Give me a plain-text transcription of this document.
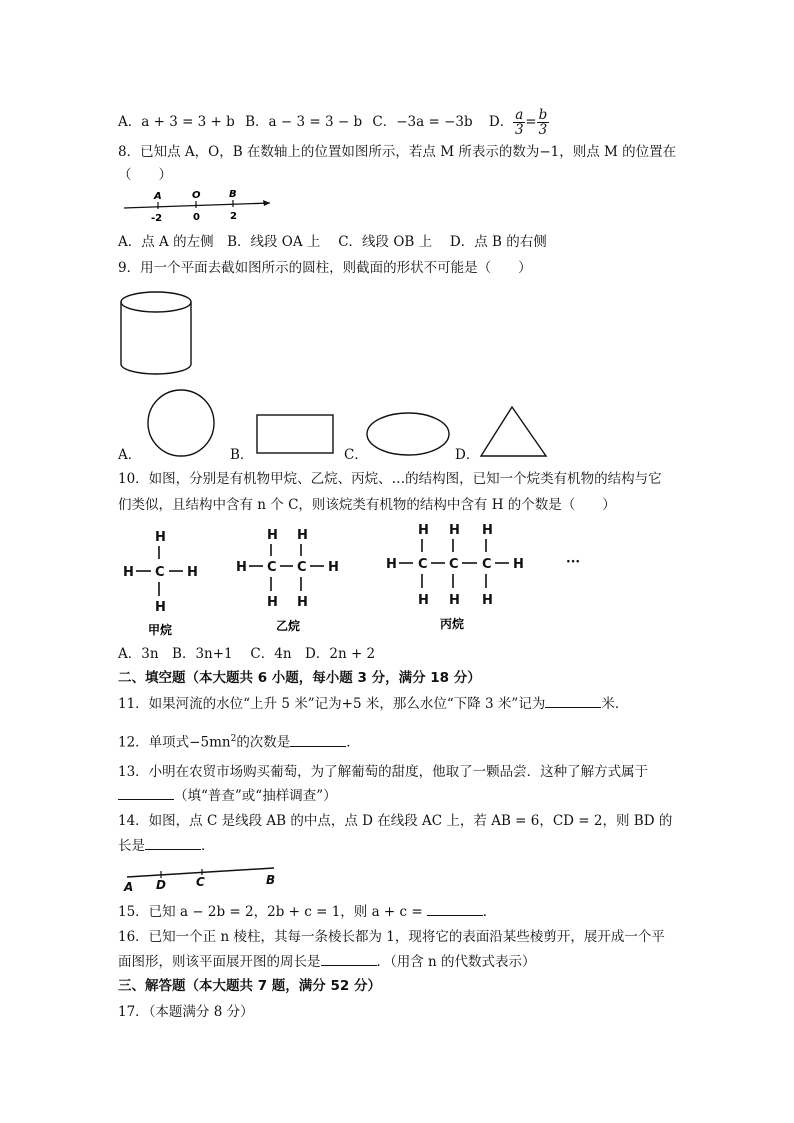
A．a + 3 = 3 + b B．a − 3 = 3 − b C．−3a = −3b D． $\frac{a}{3} = \frac{b}{3}$
8．已知点 A，O，B 在数轴上的位置如图所示，若点 M 所表示的数为−1，则点 M 的位置在
（　　）
A	O	B
-2	0	2
A．点 A 的左侧　B．线段 OA 上　 C．线段 OB 上　 D．点 B 的右侧
9．用一个平面去截如图所示的圆柱，则截面的形状不可能是（　　）
A．	B．	C．	D．
10．如图，分别是有机物甲烷、乙烷、丙烷、…的结构图，已知一个烷类有机物的结构与它
们类似，且结构中含有 n 个 C，则该烷类有机物的结构中含有 H 的个数是（　　）
H
H C H
H
甲烷
H H
H C C H
H H
乙烷
H H H
H C C C H
H H H
丙烷
···
A．3n　B．3n+1　 C．4n　D．2n + 2
二、填空题（本大题共 6 小题，每小题 3 分，满分 18 分）
11．如果河流的水位“上升 5 米”记为+5 米，那么水位“下降 3 米”记为	米．
12．单项式$-5mn^2$的次数是	．
13．小明在农贸市场购买葡萄，为了解葡萄的甜度，他取了一颗品尝．这种了解方式属于
（填“普查”或“抽样调查”）
14．如图，点 C 是线段 AB 的中点，点 D 在线段 AC 上，若 AB = 6，CD = 2，则 BD 的
长是	．
A D	C	B
15．已知 a − 2b = 2，2b + c = 1，则 a + c =	．
16．已知一个正 n 棱柱，其每一条棱长都为 1，现将它的表面沿某些棱剪开，展开成一个平
面图形，则该平面展开图的周长是	．（用含 n 的代数式表示）
三、解答题（本大题共 7 题，满分 52 分）
17．（本题满分 8 分）
